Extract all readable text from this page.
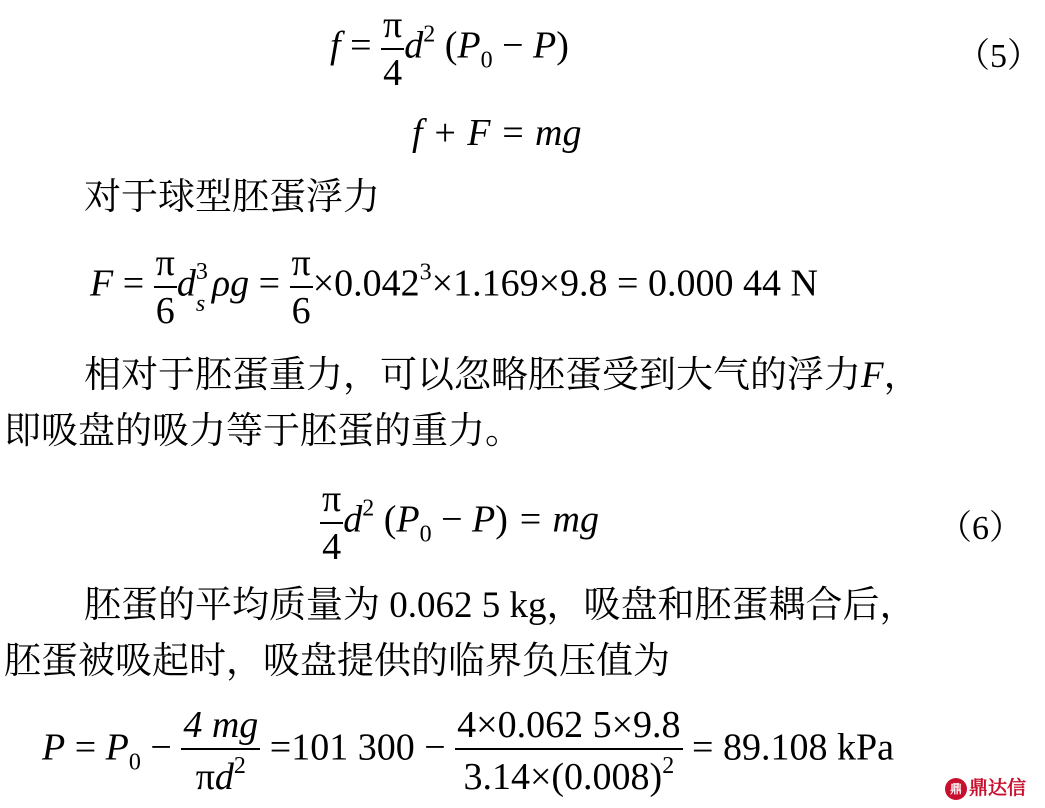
$f = \frac{\pi}{4} d^2$ $(P_0 - P)$	（5）
f + F = mg
对于球型胚蛋浮力
$F = \frac{\pi}{6}$ d s
3 $\rho g = \frac{\pi}{6} \times 0.042^3\times 1.169\times 9.8 = 0.000$ 44 N
相对于胚蛋重力，可以忽略胚蛋受到大气的浮力F，
即吸盘的吸力等于胚蛋的重力。
$\frac{\pi}{4} d^2$ $(P_0 - P)$ = mg	（6）
胚蛋的平均质量为 0.062 5 kg，吸盘和胚蛋耦合后，
胚蛋被吸起时，吸盘提供的临界负压值为
$P = P_0 - \frac{4 mg}{\pi d^2} =101$ $300 - \frac{4\times 0.062 5\times 9.8}{3.14\times(0.008)^2} = 89.108$ kPa
鼎 鼎达信
